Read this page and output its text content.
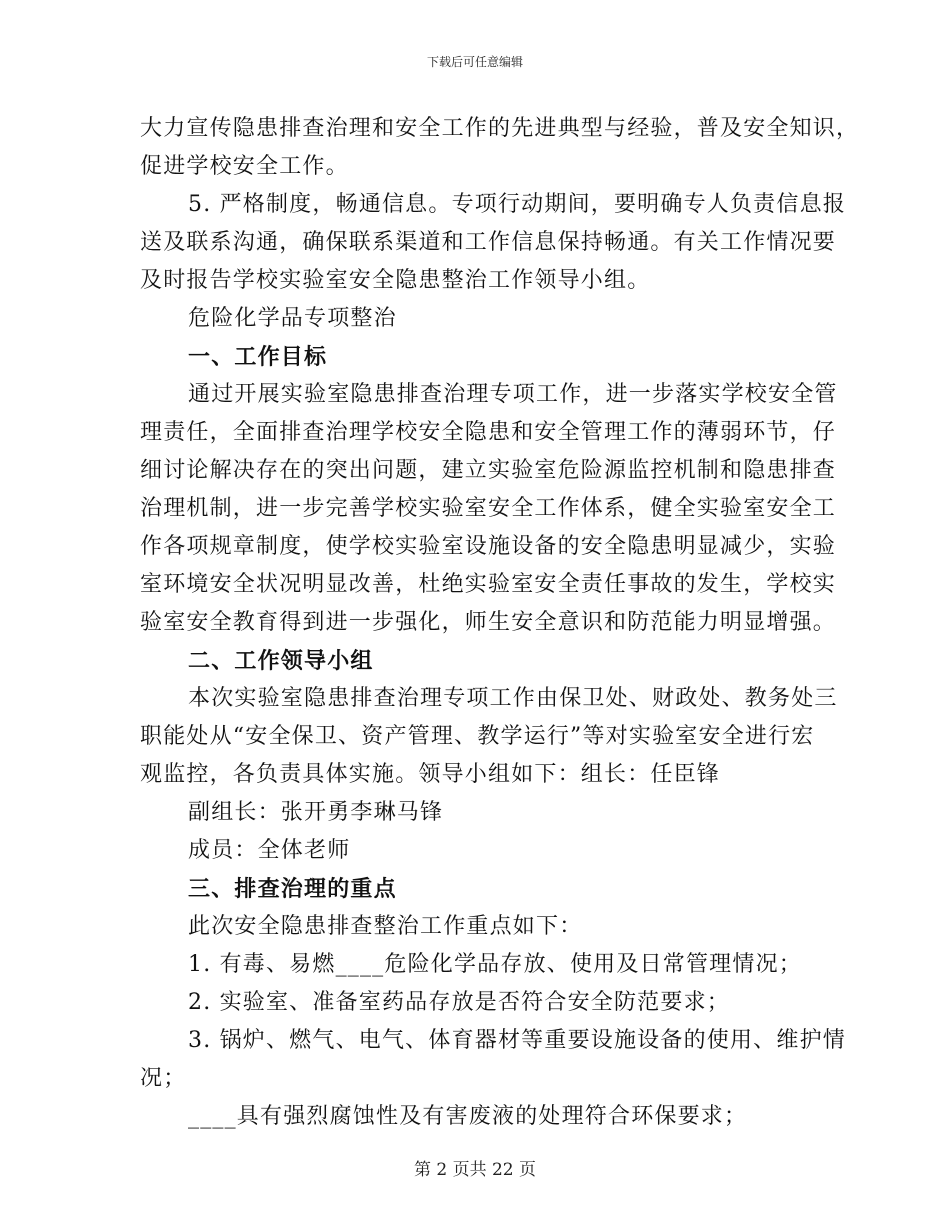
下载后可任意编辑
大力宣传隐患排查治理和安全工作的先进典型与经验，普及安全知识，
促进学校安全工作。
5. 严格制度，畅通信息。专项行动期间，要明确专人负责信息报
送及联系沟通，确保联系渠道和工作信息保持畅通。有关工作情况要
及时报告学校实验室安全隐患整治工作领导小组。
危险化学品专项整治
一、工作目标
通过开展实验室隐患排查治理专项工作，进一步落实学校安全管
理责任，全面排查治理学校安全隐患和安全管理工作的薄弱环节，仔
细讨论解决存在的突出问题，建立实验室危险源监控机制和隐患排查
治理机制，进一步完善学校实验室安全工作体系，健全实验室安全工
作各项规章制度，使学校实验室设施设备的安全隐患明显减少，实验
室环境安全状况明显改善，杜绝实验室安全责任事故的发生，学校实
验室安全教育得到进一步强化，师生安全意识和防范能力明显增强。
二、工作领导小组
本次实验室隐患排查治理专项工作由保卫处、财政处、教务处三
职能处从“安全保卫、资产管理、教学运行”等对实验室安全进行宏
观监控，各负责具体实施。领导小组如下：组长：任臣锋
副组长：张开勇李琳马锋
成员：全体老师
三、排查治理的重点
此次安全隐患排查整治工作重点如下：
1. 有毒、易燃____危险化学品存放、使用及日常管理情况；
2. 实验室、准备室药品存放是否符合安全防范要求；
3. 锅炉、燃气、电气、体育器材等重要设施设备的使用、维护情
况；
____具有强烈腐蚀性及有害废液的处理符合环保要求；
第 2 页共 22 页
